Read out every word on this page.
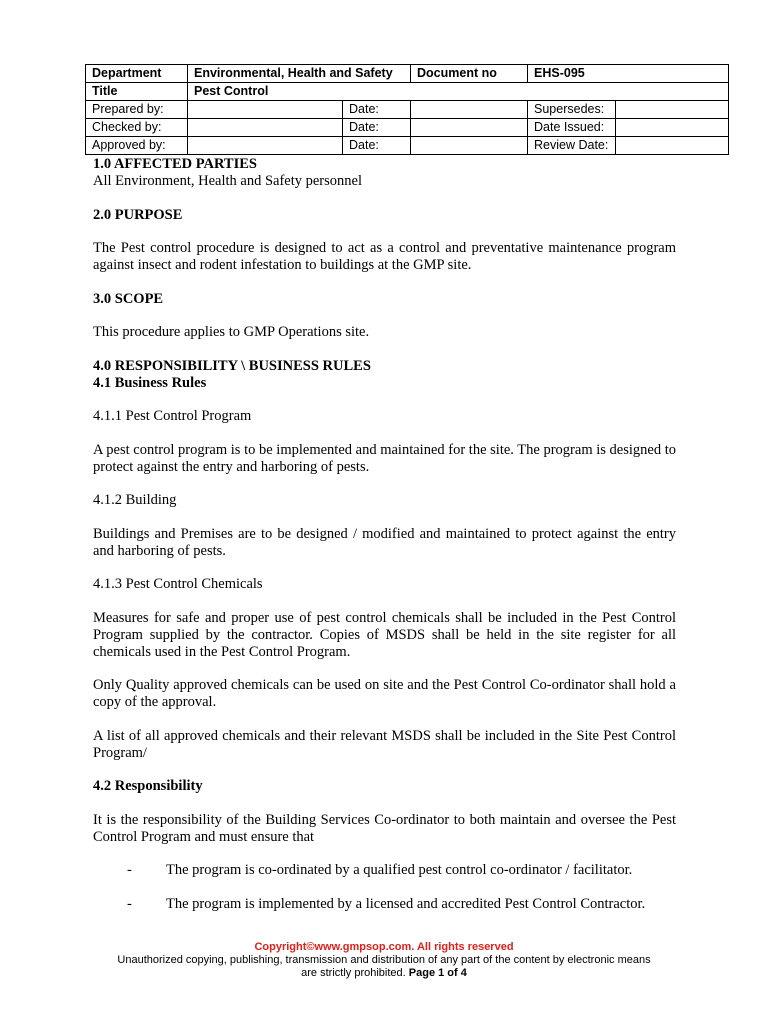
Department	Environmental, Health and Safety		Document no	EHS-095	
Title	Pest Control				
Prepared by:		Date:		Supersedes:	
Checked by:		Date:		Date Issued:	
Approved by:		Date:		Review Date:	

1.0 AFFECTED PARTIES

All Environment, Health and Safety personnel

2.0 PURPOSE

The Pest control procedure is designed to act as a control and preventative maintenance program against insect and rodent infestation to buildings at the GMP site.

3.0 SCOPE

This procedure applies to GMP Operations site.

4.0 RESPONSIBILITY \ BUSINESS RULES

4.1 Business Rules

4.1.1 Pest Control Program

A pest control program is to be implemented and maintained for the site. The program is designed to protect against the entry and harboring of pests.

4.1.2 Building

Buildings and Premises are to be designed / modified and maintained to protect against the entry and harboring of pests.

4.1.3 Pest Control Chemicals

Measures for safe and proper use of pest control chemicals shall be included in the Pest Control Program supplied by the contractor. Copies of MSDS shall be held in the site register for all chemicals used in the Pest Control Program.

Only Quality approved chemicals can be used on site and the Pest Control Co-ordinator shall hold a copy of the approval.

A list of all approved chemicals and their relevant MSDS shall be included in the Site Pest Control Program/

4.2 Responsibility

It is the responsibility of the Building Services Co-ordinator to both maintain and oversee the Pest Control Program and must ensure that

- The program is co-ordinated by a qualified pest control co-ordinator / facilitator.
- The program is implemented by a licensed and accredited Pest Control Contractor.
Copyright©www.gmpsop.com. All rights reserved
Unauthorized copying, publishing, transmission and distribution of any part of the content by electronic means
are strictly prohibited. Page 1 of 4
